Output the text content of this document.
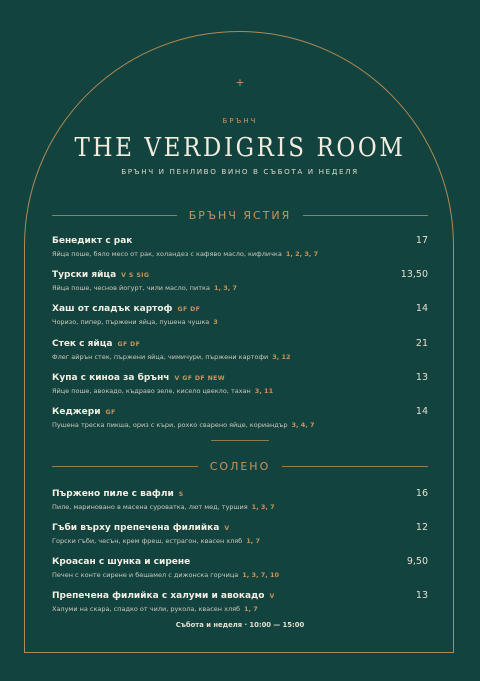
+
БРЪНЧ
THE VERDIGRIS ROOM
БРЪНЧ И ПЕНЛИВО ВИНО В СЪБОТА И НЕДЕЛЯ
БРЪНЧ ЯСТИЯ
Бенедикт с рак	17
Яйца поше, бяло месо от рак, холандез с кафяво масло, кифличка 1, 2, 3, 7
Турски яйца V S SIG	13,50
Яйца поше, чеснов йогурт, чили масло, питка 1, 3, 7
Хаш от сладък картоф GF DF	14
Чоризо, пипер, пържени яйца, пушена чушка 3
Стек с яйца GF DF	21
Флег айрън стек, пържени яйца, чимичури, пържени картофи 3, 12
Купа с киноа за брънч V GF DF NEW	13
Яйце поше, авокадо, къдраво зеле, кисело цвекло, тахан 3, 11
Кеджери GF	14
Пушена треска пикша, ориз с къри, рохко сварено яйце, кориандър 3, 4, 7
СОЛЕНО
Пържено пиле с вафли S	16
Пиле, мариновано в масена суроватка, лют мед, туршия 1, 3, 7
Гъби върху препечена филийка V	12
Горски гъби, чесън, крем фреш, естрагон, квасен хляб 1, 7
Кроасан с шунка и сирене	9,50
Печен с конте сирене и бешамел с дижонска горчица 1, 3, 7, 10
Препечена филийка с халуми и авокадо V	13
Халуми на скара, спадко от чили, рукола, квасен хляб 1, 7
Събота и неделя · 10:00 — 15:00
